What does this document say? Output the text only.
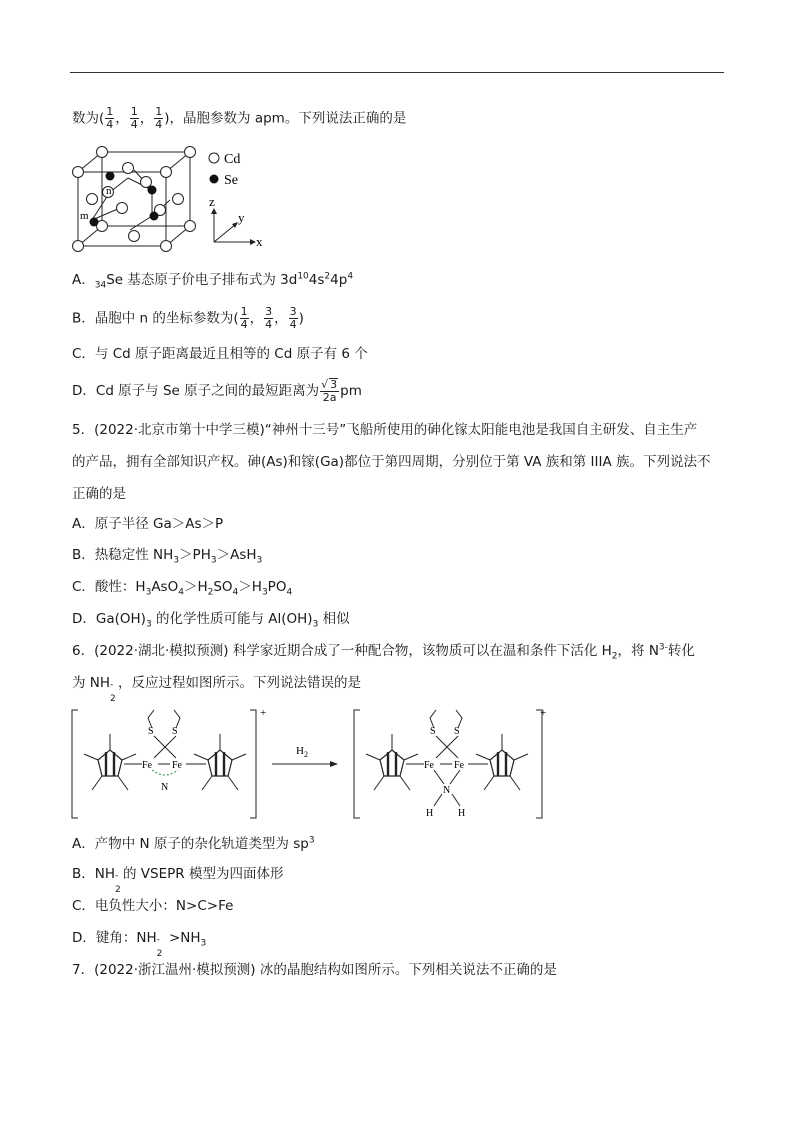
数为( $\frac{1}{4}$ ， $\frac{1}{4}$ ， $\frac{1}{4}$ )，晶胞参数为 apm。下列说法正确的是
n
m
Cd
Se
z
y
x
A．$_{34}$Se 基态原子价电子排布式为 $3d^{10}4s^24p^4$
B．晶胞中 n 的坐标参数为( $\frac{1}{4}$ ， $\frac{3}{4}$ ， $\frac{3}{4}$ )
C．与 Cd 原子距离最近且相等的 Cd 原子有 6 个
D．Cd 原子与 Se 原子之间的最短距离为 $\frac{√ 3}{2a}$ pm
5．(2022·北京市第十中学三模)“神州十三号”飞船所使用的砷化镓太阳能电池是我国自主研发、自主生产
的产品，拥有全部知识产权。砷(As)和镓(Ga)都位于第四周期，分别位于第 VA 族和第 IIIA 族。下列说法不
正确的是
A．原子半径 Ga＞As＞P
B．热稳定性 $NH_3>PH_3>AsH_3$
C．酸性：$H_3AsO_4>H_2SO_4>H_3PO_4$
D．$Ga(OH)_3$ 的化学性质可能与 $Al(OH)_3$ 相似
6．(2022·湖北·模拟预测) 科学家近期合成了一种配合物，该物质可以在温和条件下活化 $H_2$，将 $N^{3-}$转化
为 NH -
2
，反应过程如图所示。下列说法错误的是
+	+
S S
Fe Fe
N
$H_2$
S S
Fe Fe
N
H H
A．产物中 N 原子的杂化轨道类型为 $sp^3$
B．NH -
2
的 VSEPR 模型为四面体形
C．电负性大小：N>C>Fe
D．键角：NH -
2
$>NH_3$
7．(2022·浙江温州·模拟预测) 冰的晶胞结构如图所示。下列相关说法不正确的是
